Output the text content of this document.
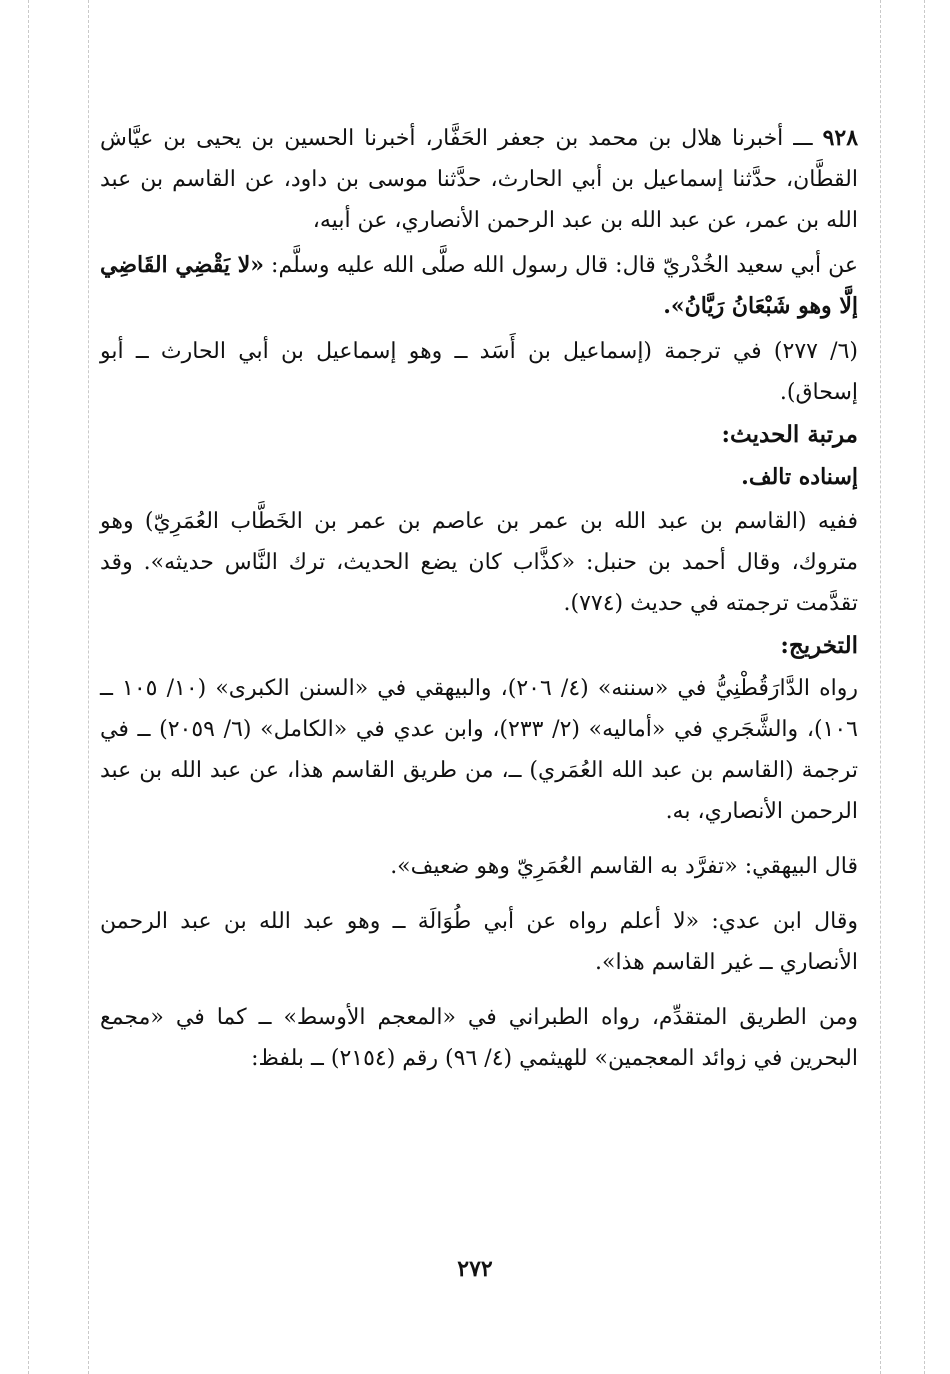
٩٢٨ ـــ أخبرنا هلال بن محمد بن جعفر الحَفَّار، أخبرنا الحسين بن يحيى بن عيَّاش القطَّان، حدَّثنا إسماعيل بن أبي الحارث، حدَّثنا موسى بن داود، عن القاسم بن عبد الله بن عمر، عن عبد الله بن عبد الرحمن الأنصاري، عن أبيه،

عن أبي سعيد الخُدْريّ قال: قال رسول الله صلَّى الله عليه وسلَّم: «لا يَقْضِي القَاضِي إلَّا وهو شَبْعَانُ رَيَّانُ».

(٦/ ٢٧٧) في ترجمة (إسماعيل بن أَسَد ــ وهو إسماعيل بن أبي الحارث ــ أبو إسحاق).

مرتبة الحديث:

إسناده تالف.

ففيه (القاسم بن عبد الله بن عمر بن عاصم بن عمر بن الخَطَّاب العُمَرِيّ) وهو متروك، وقال أحمد بن حنبل: «كذَّاب كان يضع الحديث، ترك النَّاس حديثه». وقد تقدَّمت ترجمته في حديث (٧٧٤).

التخريج:

رواه الدَّارَقُطْنِيُّ في «سننه» (٤/ ٢٠٦)، والبيهقي في «السنن الكبرى» (١٠/ ١٠٥ ــ ١٠٦)، والشَّجَري في «أماليه» (٢/ ٢٣٣)، وابن عدي في «الكامل» (٦/ ٢٠٥٩) ــ في ترجمة (القاسم بن عبد الله العُمَري) ــ، من طريق القاسم هذا، عن عبد الله بن عبد الرحمن الأنصاري، به.

قال البيهقي: «تفرَّد به القاسم العُمَرِيّ وهو ضعيف».

وقال ابن عدي: «لا أعلم رواه عن أبي طُوَالَة ــ وهو عبد الله بن عبد الرحمن الأنصاري ــ غير القاسم هذا».

ومن الطريق المتقدِّم، رواه الطبراني في «المعجم الأوسط» ــ كما في «مجمع البحرين في زوائد المعجمين» للهيثمي (٤/ ٩٦) رقم (٢١٥٤) ــ بلفظ:

٢٧٢
